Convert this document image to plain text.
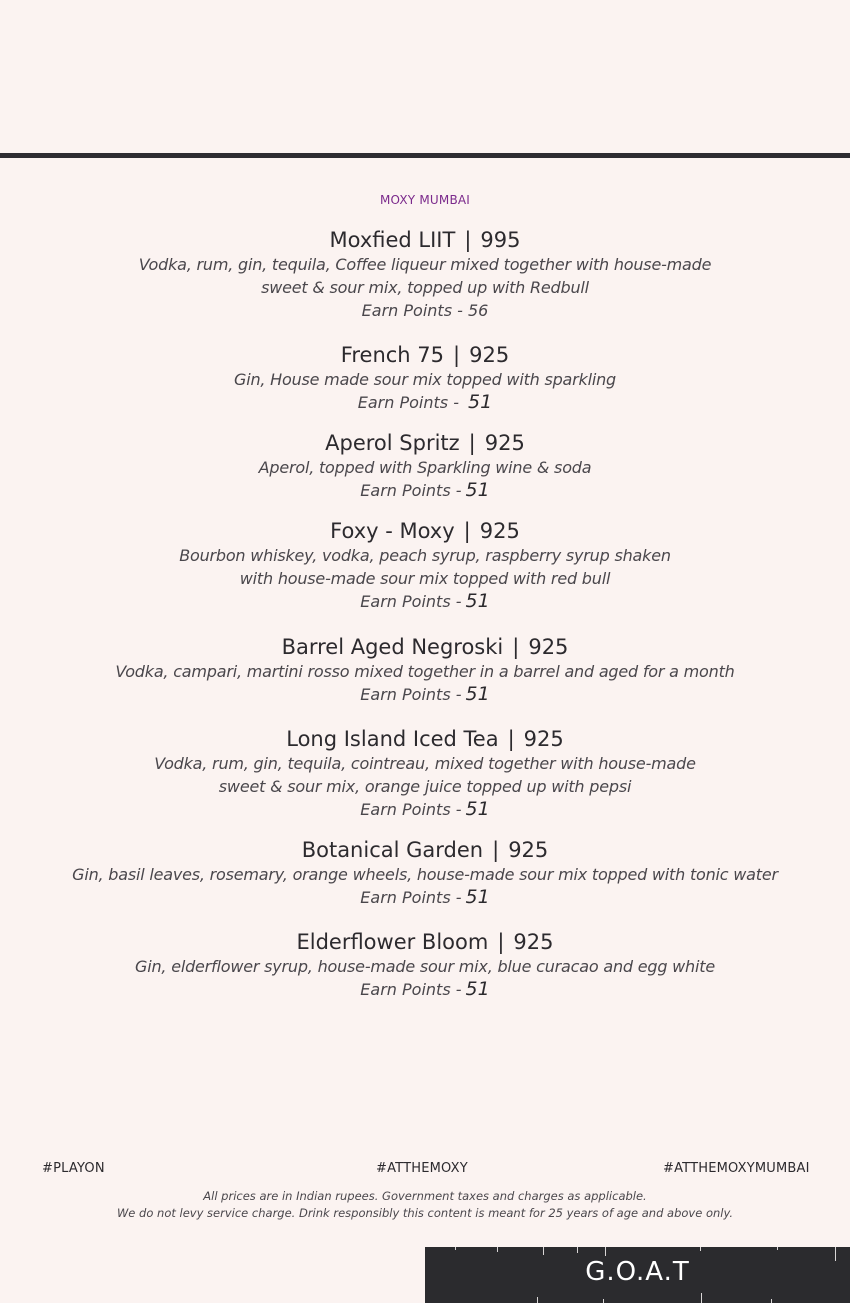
MOXY MUMBAI
Moxfied LIIT | 995
Vodka, rum, gin, tequila, Coffee liqueur mixed together with house-made
sweet & sour mix, topped up with Redbull
Earn Points - 56
French 75 | 925
Gin, House made sour mix topped with sparkling
Earn Points - 51
Aperol Spritz | 925
Aperol, topped with Sparkling wine & soda
Earn Points - 51
Foxy - Moxy | 925
Bourbon whiskey, vodka, peach syrup, raspberry syrup shaken
with house-made sour mix topped with red bull
Earn Points - 51
Barrel Aged Negroski | 925
Vodka, campari, martini rosso mixed together in a barrel and aged for a month
Earn Points - 51
Long Island Iced Tea | 925
Vodka, rum, gin, tequila, cointreau, mixed together with house-made
sweet & sour mix, orange juice topped up with pepsi
Earn Points - 51
Botanical Garden | 925
Gin, basil leaves, rosemary, orange wheels, house-made sour mix topped with tonic water
Earn Points - 51
Elderflower Bloom | 925
Gin, elderflower syrup, house-made sour mix, blue curacao and egg white
Earn Points - 51
#PLAYON	#ATTHEMOXY	#ATTHEMOXYMUMBAI
All prices are in Indian rupees. Government taxes and charges as applicable.
We do not levy service charge. Drink responsibly this content is meant for 25 years of age and above only.
G.O.A.T
